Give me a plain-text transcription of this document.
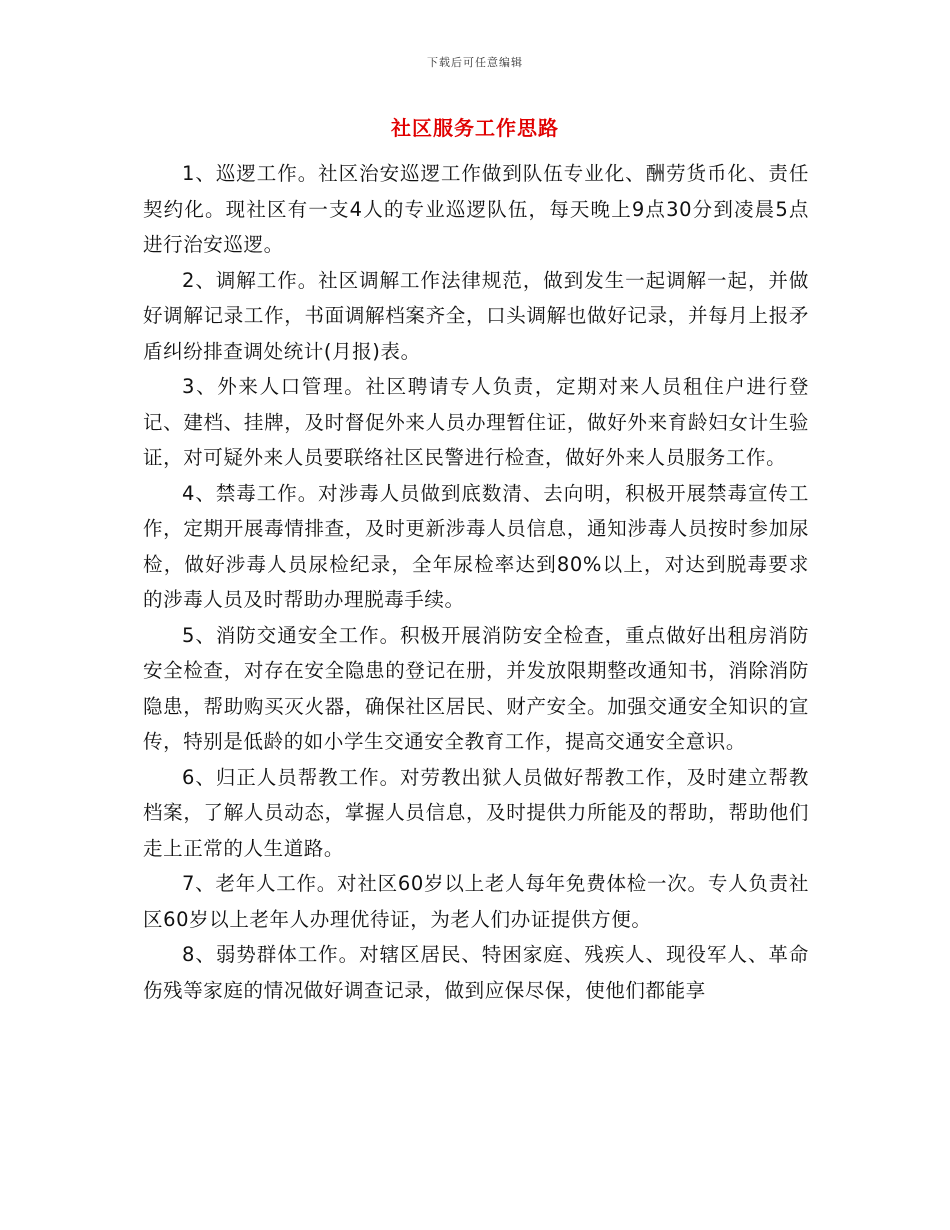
下载后可任意编辑
社区服务工作思路

1、巡逻工作。社区治安巡逻工作做到队伍专业化、酬劳货币化、责任契约化。现社区有一支4人的专业巡逻队伍，每天晚上9点30分到凌晨5点进行治安巡逻。

2、调解工作。社区调解工作法律规范，做到发生一起调解一起，并做好调解记录工作，书面调解档案齐全，口头调解也做好记录，并每月上报矛盾纠纷排查调处统计(月报)表。

3、外来人口管理。社区聘请专人负责，定期对来人员租住户进行登记、建档、挂牌，及时督促外来人员办理暂住证，做好外来育龄妇女计生验证，对可疑外来人员要联络社区民警进行检查，做好外来人员服务工作。

4、禁毒工作。对涉毒人员做到底数清、去向明，积极开展禁毒宣传工作，定期开展毒情排查，及时更新涉毒人员信息，通知涉毒人员按时参加尿检，做好涉毒人员尿检纪录，全年尿检率达到80%以上，对达到脱毒要求的涉毒人员及时帮助办理脱毒手续。

5、消防交通安全工作。积极开展消防安全检查，重点做好出租房消防安全检查，对存在安全隐患的登记在册，并发放限期整改通知书，消除消防隐患，帮助购买灭火器，确保社区居民、财产安全。加强交通安全知识的宣传，特别是低龄的如小学生交通安全教育工作，提高交通安全意识。

6、归正人员帮教工作。对劳教出狱人员做好帮教工作，及时建立帮教档案，了解人员动态，掌握人员信息，及时提供力所能及的帮助，帮助他们走上正常的人生道路。

7、老年人工作。对社区60岁以上老人每年免费体检一次。专人负责社区60岁以上老年人办理优待证，为老人们办证提供方便。

8、弱势群体工作。对辖区居民、特困家庭、残疾人、现役军人、革命伤残等家庭的情况做好调查记录，做到应保尽保，使他们都能享
